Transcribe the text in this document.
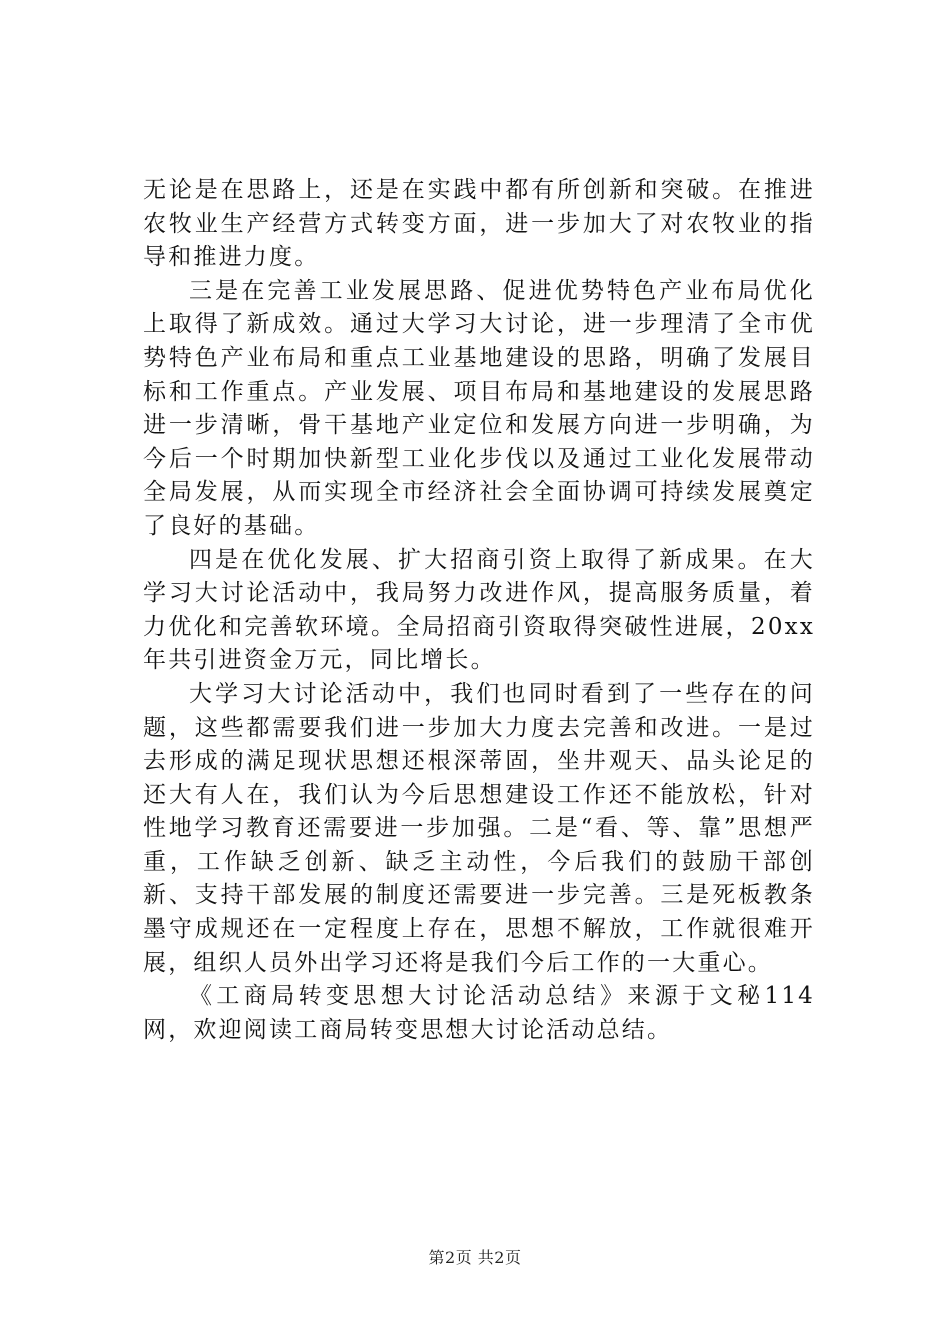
无论是在思路上，还是在实践中都有所创新和突破。在推进农牧业生产经营方式转变方面，进一步加大了对农牧业的指导和推进力度。

三是在完善工业发展思路、促进优势特色产业布局优化上取得了新成效。通过大学习大讨论，进一步理清了全市优势特色产业布局和重点工业基地建设的思路，明确了发展目标和工作重点。产业发展、项目布局和基地建设的发展思路进一步清晰，骨干基地产业定位和发展方向进一步明确，为今后一个时期加快新型工业化步伐以及通过工业化发展带动全局发展，从而实现全市经济社会全面协调可持续发展奠定了良好的基础。

四是在优化发展、扩大招商引资上取得了新成果。在大学习大讨论活动中，我局努力改进作风，提高服务质量，着力优化和完善软环境。全局招商引资取得突破性进展，20xx年共引进资金万元，同比增长。

大学习大讨论活动中，我们也同时看到了一些存在的问题，这些都需要我们进一步加大力度去完善和改进。一是过去形成的满足现状思想还根深蒂固，坐井观天、品头论足的还大有人在，我们认为今后思想建设工作还不能放松，针对性地学习教育还需要进一步加强。二是“看、等、靠”思想严重，工作缺乏创新、缺乏主动性，今后我们的鼓励干部创新、支持干部发展的制度还需要进一步完善。三是死板教条墨守成规还在一定程度上存在，思想不解放，工作就很难开展，组织人员外出学习还将是我们今后工作的一大重心。

《工商局转变思想大讨论活动总结》来源于文秘114网，欢迎阅读工商局转变思想大讨论活动总结。

第2页 共2页
